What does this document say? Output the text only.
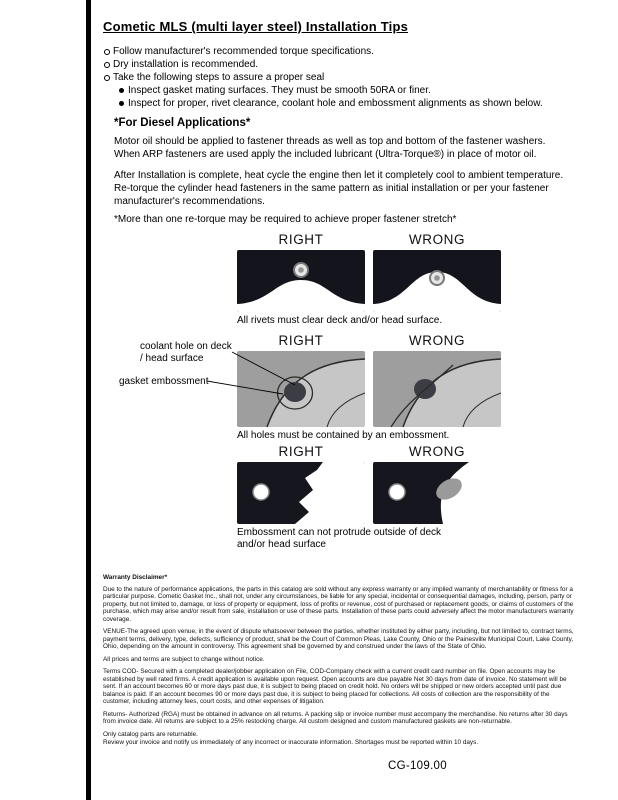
Cometic MLS (multi layer steel) Installation Tips
Follow manufacturer's recommended torque specifications.
Dry installation is recommended.
Take the following steps to assure a proper seal
Inspect gasket mating surfaces. They must be smooth 50RA or finer.
Inspect for proper, rivet clearance, coolant hole and embossment alignments as shown below.
*For Diesel Applications*

Motor oil should be applied to fastener threads as well as top and bottom of the fastener washers. When ARP fasteners are used apply the included lubricant (Ultra-Torque®) in place of motor oil.

After Installation is complete, heat cycle the engine then let it completely cool to ambient temperature. Re-torque the cylinder head fasteners in the same pattern as initial installation or per your fastener manufacturer's recommendations.

*More than one re-torque may be required to achieve proper fastener stretch*

RIGHT	WRONG
All rivets must clear deck and/or head surface.
RIGHT	WRONG
All holes must be contained by an embossment.
coolant hole on deck / head surface
gasket embossment
RIGHT	WRONG
Embossment can not protrude outside of deck and/or head surface
Warranty Disclaimer*

Due to the nature of performance applications, the parts in this catalog are sold without any express warranty or any implied warranty of merchantability or fitness for a particular purpose. Cometic Gasket Inc., shall not, under any circumstances, be liable for any special, incidental or consequential damages, including, person, party or property, but not limited to, damage, or loss of property or equipment, loss of profits or revenue, cost of purchased or replacement goods, or claims of customers of the purchase, which may arise and/or result from sale, installation or use of these parts. Installation of these parts could adversely affect the motor manufacturers warranty coverage.

VENUE-The agreed upon venue, in the event of dispute whatsoever between the parties, whether instituted by either party, including, but not limited to, contract terms, payment terms, delivery, type, defects, sufficiency of product, shall be the Court of Common Pleas, Lake County, Ohio or the Painesville Municipal Court, Lake County, Ohio, depending on the amount in controversy. This agreement shall be governed by and construed under the laws of the State of Ohio.

All prices and terms are subject to change without notice.

Terms COD- Secured with a completed dealer/jobber application on File, COD-Company check with a current credit card number on file. Open accounts may be established by well rated firms. A credit application is available upon request. Open accounts are due payable Net 30 days from date of invoice. No statement will be sent. If an account becomes 60 or more days past due, it is subject to being placed on credit hold. No orders will be shipped or new orders accepted until past due balance is paid. If an account becomes 90 or more days past due, it is subject to being placed for collections. All costs of collection are the responsibility of the customer, including attorney fees, court costs, and other expenses of litigation.

Returns- Authorized (RGA) must be obtained in advance on all returns. A packing slip or invoice number must accompany the merchandise. No returns after 30 days from invoice date. All returns are subject to a 25% restocking charge. All custom designed and custom manufactured gaskets are non-returnable.

Only catalog parts are returnable.

Review your invoice and notify us immediately of any incorrect or inaccurate information. Shortages must be reported within 10 days.

CG-109.00
